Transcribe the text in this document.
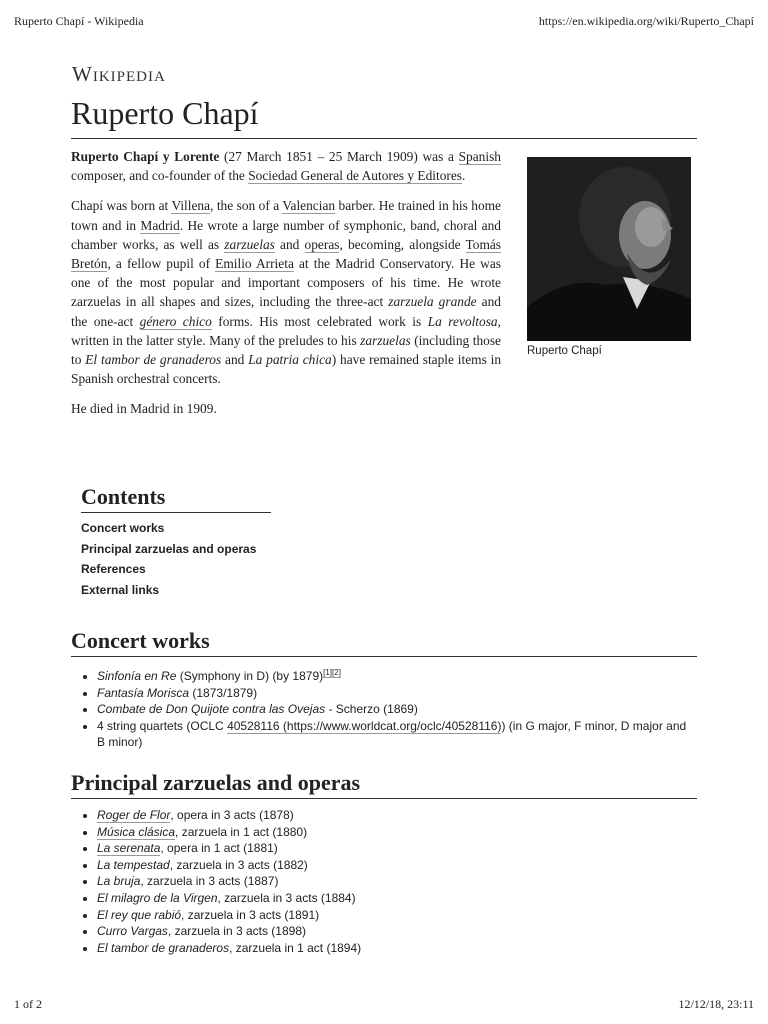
Ruperto Chapí - Wikipedia	https://en.wikipedia.org/wiki/Ruperto_Chapí
Wikipedia
Ruperto Chapí

Ruperto Chapí y Lorente (27 March 1851 – 25 March 1909) was a Spanish composer, and co-founder of the Sociedad General de Autores y Editores.

Chapí was born at Villena, the son of a Valencian barber. He trained in his home town and in Madrid. He wrote a large number of symphonic, band, choral and chamber works, as well as zarzuelas and operas, becoming, alongside Tomás Bretón, a fellow pupil of Emilio Arrieta at the Madrid Conservatory. He was one of the most popular and important composers of his time. He wrote zarzuelas in all shapes and sizes, including the three-act zarzuela grande and the one-act género chico forms. His most celebrated work is La revoltosa, written in the latter style. Many of the preludes to his zarzuelas (including those to El tambor de granaderos and La patria chica) have remained staple items in Spanish orchestral concerts.

He died in Madrid in 1909.

Ruperto Chapí
Contents
Concert works
Principal zarzuelas and operas
References
External links
Concert works
• Sinfonía en Re (Symphony in D) (by 1879)[1][2]
• Fantasía Morisca (1873/1879)
• Combate de Don Quijote contra las Ovejas - Scherzo (1869)
• 4 string quartets (OCLC 40528116 (https://www.worldcat.org/oclc/40528116)) (in G major, F minor, D major and B minor)
Principal zarzuelas and operas
• Roger de Flor, opera in 3 acts (1878)
• Música clásica, zarzuela in 1 act (1880)
• La serenata, opera in 1 act (1881)
• La tempestad, zarzuela in 3 acts (1882)
• La bruja, zarzuela in 3 acts (1887)
• El milagro de la Virgen, zarzuela in 3 acts (1884)
• El rey que rabió, zarzuela in 3 acts (1891)
• Curro Vargas, zarzuela in 3 acts (1898)
• El tambor de granaderos, zarzuela in 1 act (1894)
1 of 2	12/12/18, 23:11
